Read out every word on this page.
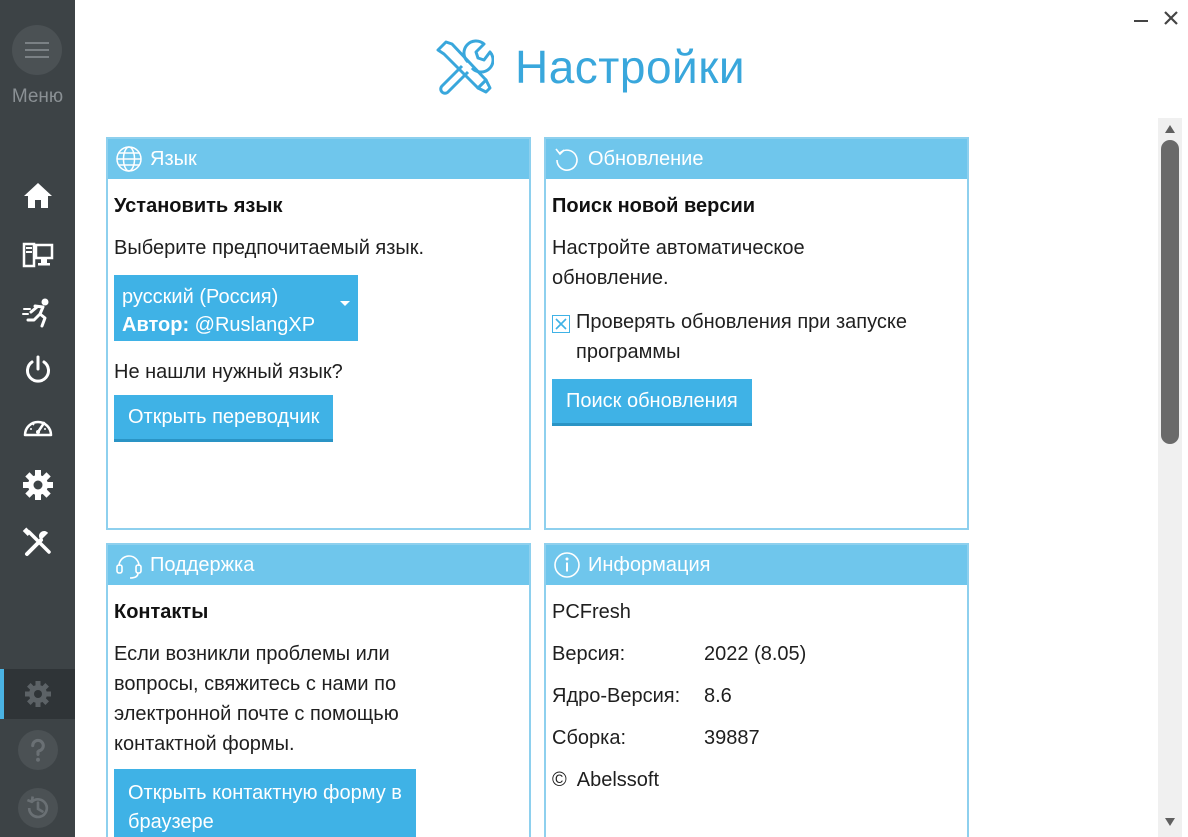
Меню
Настройки
Язык
Установить язык
Выберите предпочитаемый язык.
русский (Россия)
Автор: @RuslangXP
Не нашли нужный язык?
Открыть переводчик
Обновление
Поиск новой версии
Настройте автоматическое
обновление.
Проверять обновления при запуске
программы
Поиск обновления
Поддержка
Контакты
Если возникли проблемы или
вопросы, свяжитесь с нами по
электронной почте с помощью
контактной формы.
Открыть контактную форму в
браузере
Информация
PCFresh
Версия:	2022 (8.05)
Ядро-Версия:	8.6
Сборка:	39887
©  Abelssoft
